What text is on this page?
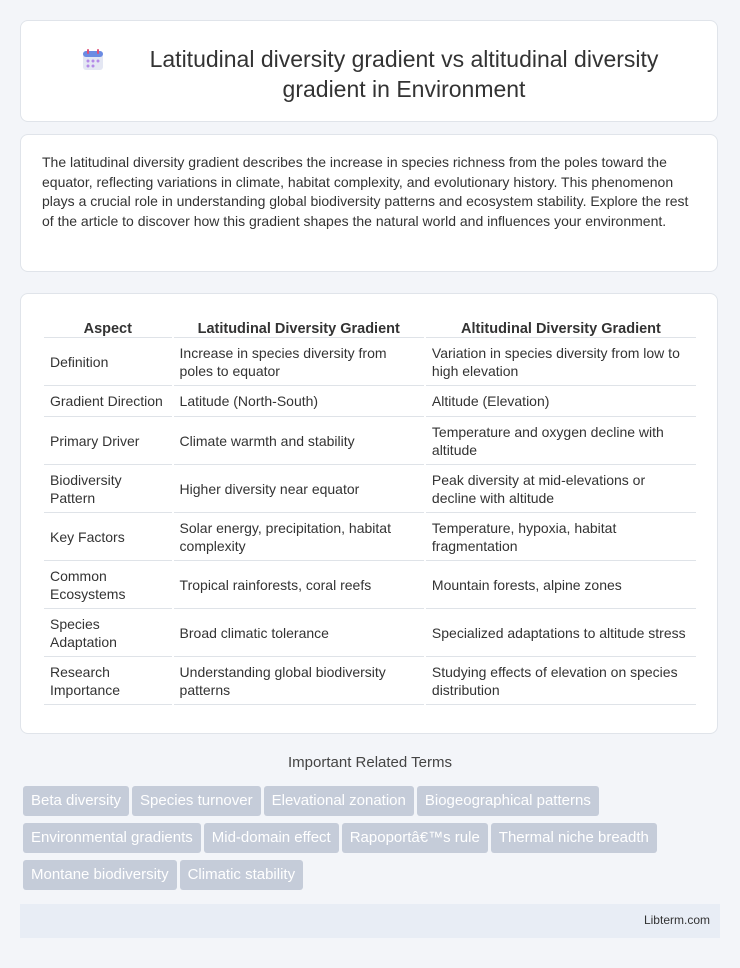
Latitudinal diversity gradient vs altitudinal diversity gradient in Environment
The latitudinal diversity gradient describes the increase in species richness from the poles toward the equator, reflecting variations in climate, habitat complexity, and evolutionary history. This phenomenon plays a crucial role in understanding global biodiversity patterns and ecosystem stability. Explore the rest of the article to discover how this gradient shapes the natural world and influences your environment.
Aspect	Latitudinal Diversity Gradient	Altitudinal Diversity Gradient
Definition	Increase in species diversity from poles to equator	Variation in species diversity from low to high elevation
Gradient Direction	Latitude (North-South)	Altitude (Elevation)
Primary Driver	Climate warmth and stability	Temperature and oxygen decline with altitude
Biodiversity Pattern	Higher diversity near equator	Peak diversity at mid-elevations or decline with altitude
Key Factors	Solar energy, precipitation, habitat complexity	Temperature, hypoxia, habitat fragmentation
Common Ecosystems	Tropical rainforests, coral reefs	Mountain forests, alpine zones
Species Adaptation	Broad climatic tolerance	Specialized adaptations to altitude stress
Research Importance	Understanding global biodiversity patterns	Studying effects of elevation on species distribution
Important Related Terms
Beta diversity Species turnover Elevational zonation Biogeographical patterns
Environmental gradients Mid-domain effect Rapoportâ€™s rule Thermal niche breadth
Montane biodiversity Climatic stability
Libterm.com
